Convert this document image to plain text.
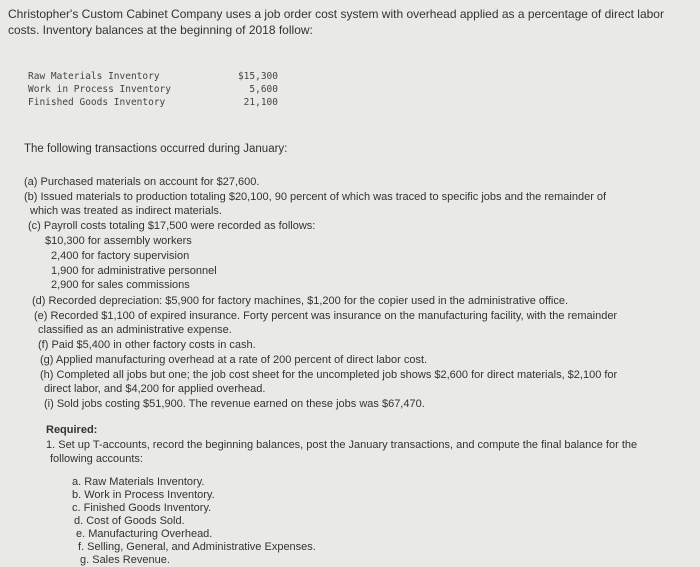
Christopher's Custom Cabinet Company uses a job order cost system with overhead applied as a percentage of direct labor costs. Inventory balances at the beginning of 2018 follow:
Raw Materials Inventory	$15,300
Work in Process Inventory	5,600
Finished Goods Inventory	21,100
The following transactions occurred during January:
(a) Purchased materials on account for $27,600.
(b) Issued materials to production totaling $20,100, 90 percent of which was traced to specific jobs and the remainder of
which was treated as indirect materials.
(c) Payroll costs totaling $17,500 were recorded as follows:
$10,300 for assembly workers
2,400 for factory supervision
1,900 for administrative personnel
2,900 for sales commissions
(d) Recorded depreciation: $5,900 for factory machines, $1,200 for the copier used in the administrative office.
(e) Recorded $1,100 of expired insurance. Forty percent was insurance on the manufacturing facility, with the remainder
classified as an administrative expense.
(f) Paid $5,400 in other factory costs in cash.
(g) Applied manufacturing overhead at a rate of 200 percent of direct labor cost.
(h) Completed all jobs but one; the job cost sheet for the uncompleted job shows $2,600 for direct materials, $2,100 for
direct labor, and $4,200 for applied overhead.
(i) Sold jobs costing $51,900. The revenue earned on these jobs was $67,470.
Required:
1. Set up T-accounts, record the beginning balances, post the January transactions, and compute the final balance for the
following accounts:
a. Raw Materials Inventory.
b. Work in Process Inventory.
c. Finished Goods Inventory.
d. Cost of Goods Sold.
e. Manufacturing Overhead.
f. Selling, General, and Administrative Expenses.
g. Sales Revenue.
